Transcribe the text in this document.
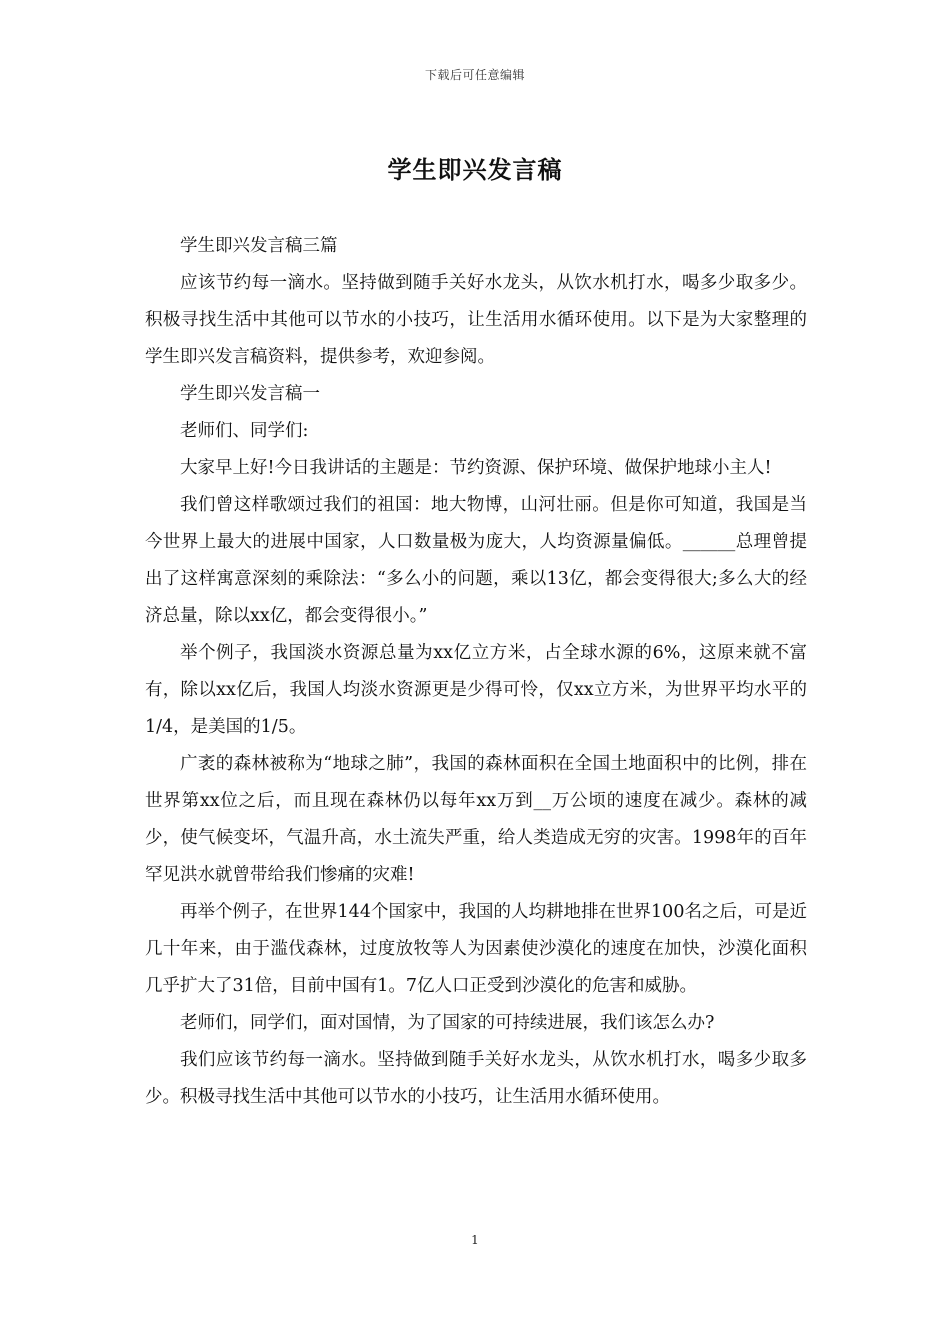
下载后可任意编辑
学生即兴发言稿

学生即兴发言稿三篇

应该节约每一滴水。坚持做到随手关好水龙头，从饮水机打水，喝多少取多少。积极寻找生活中其他可以节水的小技巧，让生活用水循环使用。以下是为大家整理的学生即兴发言稿资料，提供参考，欢迎参阅。

学生即兴发言稿一

老师们、同学们:

大家早上好!今日我讲话的主题是：节约资源、保护环境、做保护地球小主人!

我们曾这样歌颂过我们的祖国：地大物博，山河壮丽。但是你可知道，我国是当今世界上最大的进展中国家，人口数量极为庞大，人均资源量偏低。______总理曾提出了这样寓意深刻的乘除法：“多么小的问题，乘以13亿，都会变得很大;多么大的经济总量，除以xx亿，都会变得很小。”

举个例子，我国淡水资源总量为xx亿立方米，占全球水源的6%，这原来就不富有，除以xx亿后，我国人均淡水资源更是少得可怜，仅xx立方米，为世界平均水平的1/4，是美国的1/5。

广袤的森林被称为“地球之肺”，我国的森林面积在全国土地面积中的比例，排在世界第xx位之后，而且现在森林仍以每年xx万到__万公顷的速度在减少。森林的减少，使气候变坏，气温升高，水土流失严重，给人类造成无穷的灾害。1998年的百年罕见洪水就曾带给我们惨痛的灾难!

再举个例子，在世界144个国家中，我国的人均耕地排在世界100名之后，可是近几十年来，由于滥伐森林，过度放牧等人为因素使沙漠化的速度在加快，沙漠化面积几乎扩大了31倍，目前中国有1。7亿人口正受到沙漠化的危害和威胁。

老师们，同学们，面对国情，为了国家的可持续进展，我们该怎么办?

我们应该节约每一滴水。坚持做到随手关好水龙头，从饮水机打水，喝多少取多少。积极寻找生活中其他可以节水的小技巧，让生活用水循环使用。

1
